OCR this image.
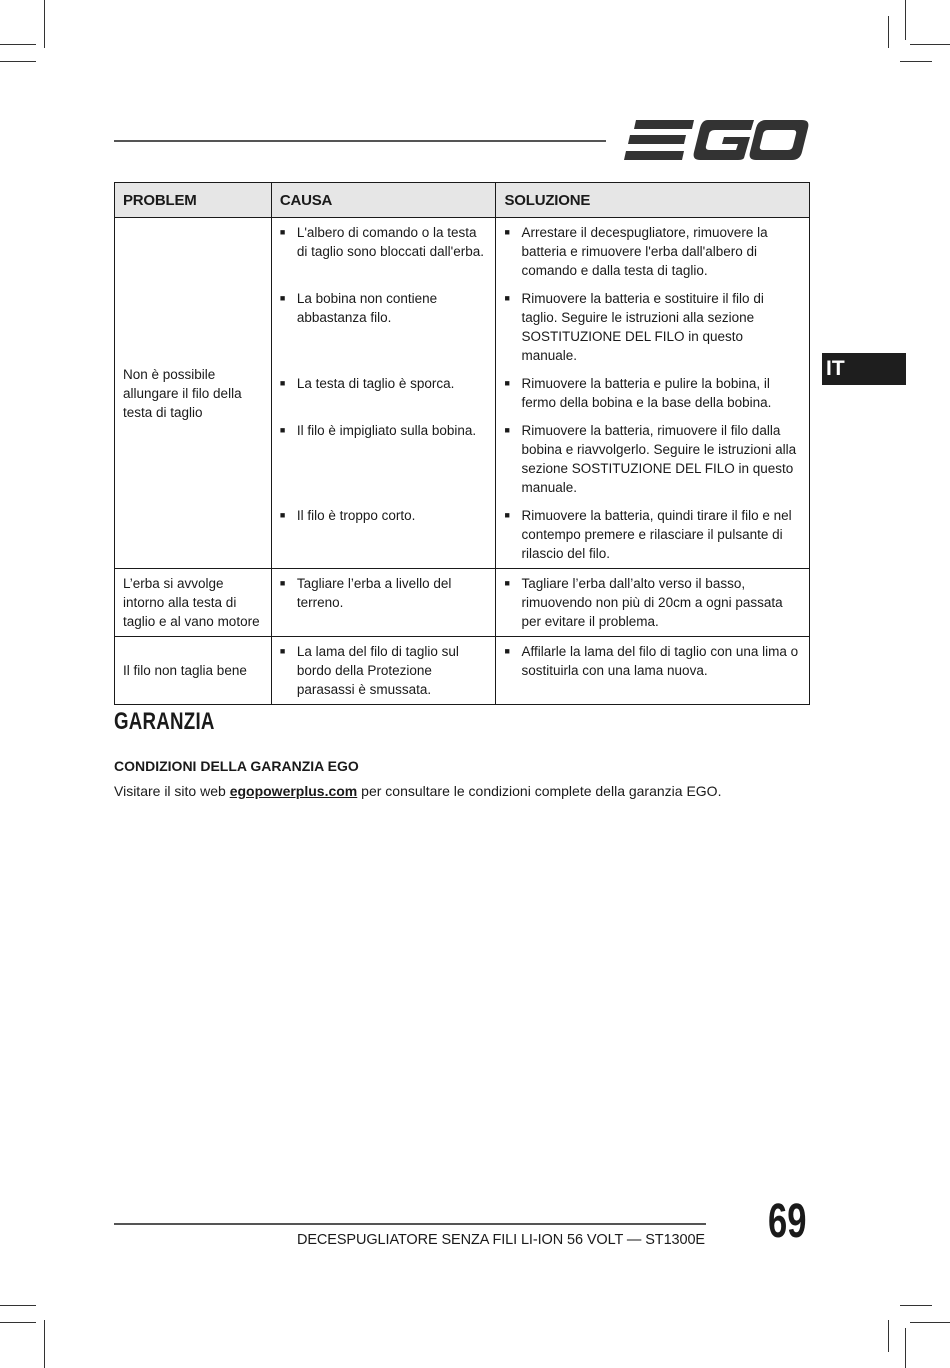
IT
PROBLEM	CAUSA	SOLUZIONE
Non è possibile allungare il filo della testa di taglio	■ L'albero di comando o la testa di taglio sono bloccati dall'erba.	■ Arrestare il decespugliatore, rimuovere la batteria e rimuovere l'erba dall'albero di comando e dalla testa di taglio.

	■ La bobina non contiene abbastanza filo.	■ Rimuovere la batteria e sostituire il filo di taglio. Seguire le istruzioni alla sezione SOSTITUZIONE DEL FILO in questo manuale.

	■ La testa di taglio è sporca.	■ Rimuovere la batteria e pulire la bobina, il fermo della bobina e la base della bobina.

	■ Il filo è impigliato sulla bobina.	■ Rimuovere la batteria, rimuovere il filo dalla bobina e riavvolgerlo. Seguire le istruzioni alla sezione SOSTITUZIONE DEL FILO in questo manuale.

	■ Il filo è troppo corto.	■ Rimuovere la batteria, quindi tirare il filo e nel contempo premere e rilasciare il pulsante di rilascio del filo.

L’erba si avvolge intorno alla testa di taglio e al vano motore	■ Tagliare l’erba a livello del terreno.	■ Tagliare l’erba dall’alto verso il basso, rimuovendo non più di 20cm a ogni passata per evitare il problema.

Il filo non taglia bene	■ La lama del filo di taglio sul bordo della Protezione parasassi è smussata.	■ Affilarle la lama del filo di taglio con una lima o sostituirla con una lama nuova.
GARANZIA
CONDIZIONI DELLA GARANZIA EGO
Visitare il sito web egopowerplus.com per consultare le condizioni complete della garanzia EGO.
DECESPUGLIATORE SENZA FILI LI-ION 56 VOLT — ST1300E 69
